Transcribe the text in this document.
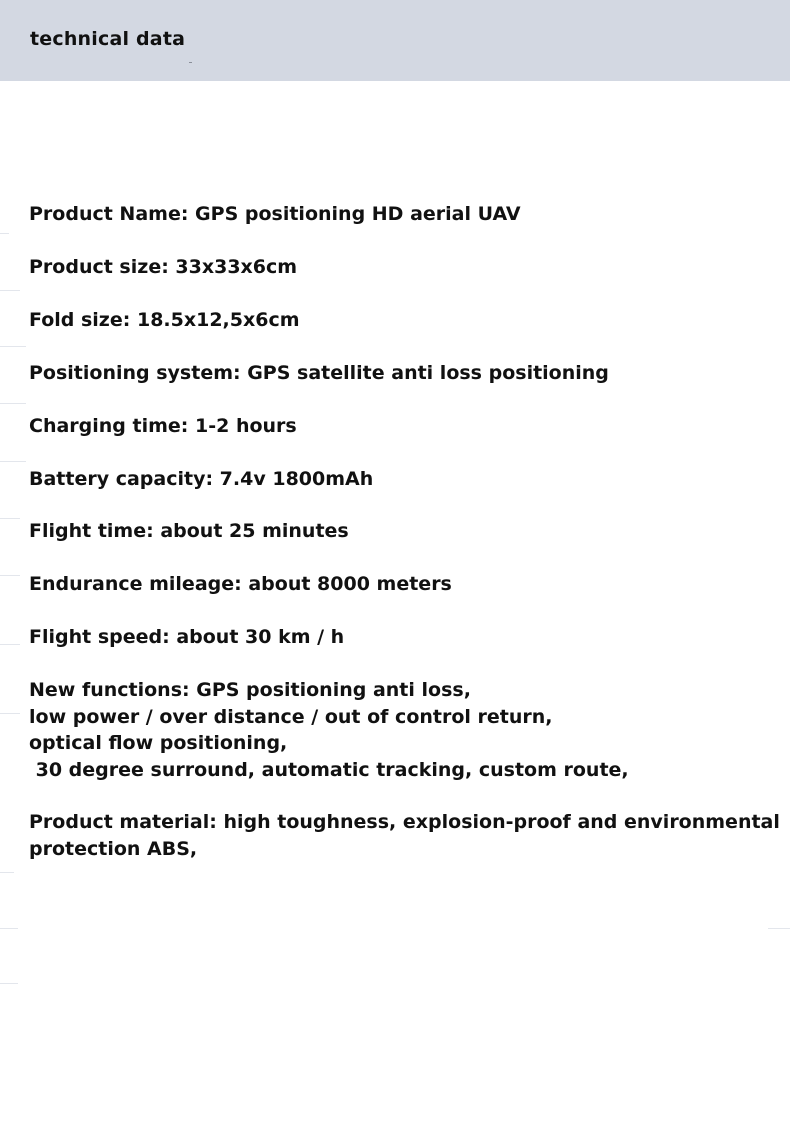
technical data
Product Name: GPS positioning HD aerial UAV
Product size: 33x33x6cm
Fold size: 18.5x12,5x6cm
Positioning system: GPS satellite anti loss positioning
Charging time: 1-2 hours
Battery capacity: 7.4v 1800mAh
Flight time: about 25 minutes
Endurance mileage: about 8000 meters
Flight speed: about 30 km / h
New functions: GPS positioning anti loss,
low power / over distance / out of control return,
optical flow positioning,
30 degree surround, automatic tracking, custom route,
Product material: high toughness, explosion-proof and environmental
protection ABS,
